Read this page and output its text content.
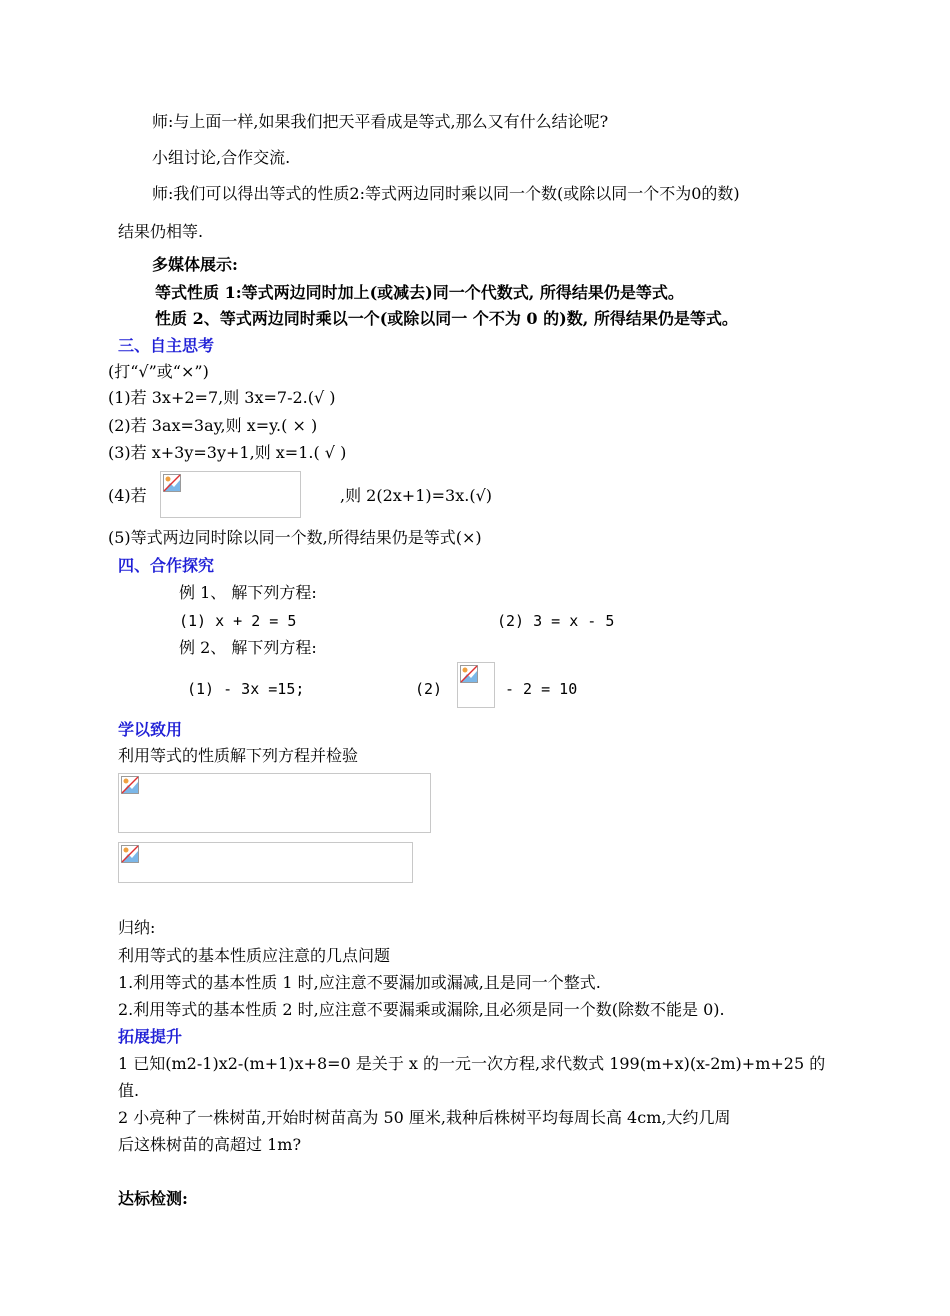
师:与上面一样,如果我们把天平看成是等式,那么又有什么结论呢?
小组讨论,合作交流.
师:我们可以得出等式的性质2:等式两边同时乘以同一个数(或除以同一个不为0的数)
结果仍相等.
多媒体展示:
等式性质 1:等式两边同时加上(或减去)同一个代数式, 所得结果仍是等式。
性质 2、等式两边同时乘以一个(或除以同一 个不为 0 的)数, 所得结果仍是等式。
三、自主思考
(打“√”或“×”)
(1)若 3x+2=7,则 3x=7-2.(√ )
(2)若 3ax=3ay,则 x=y.( × )
(3)若 x+3y=3y+1,则 x=1.( √ )
(4)若	,则 2(2x+1)=3x.(√)
(5)等式两边同时除以同一个数,所得结果仍是等式(×)
四、合作探究
例 1、 解下列方程:
(1) x + 2 = 5	(2) 3 = x - 5
例 2、 解下列方程:
(1) - 3x =15;	(2)	- 2 = 10
学以致用
利用等式的性质解下列方程并检验
归纳:
利用等式的基本性质应注意的几点问题
1.利用等式的基本性质 1 时,应注意不要漏加或漏减,且是同一个整式.
2.利用等式的基本性质 2 时,应注意不要漏乘或漏除,且必须是同一个数(除数不能是 0).
拓展提升
1 已知(m2-1)x2-(m+1)x+8=0 是关于 x 的一元一次方程,求代数式 199(m+x)(x-2m)+m+25 的
值.
2 小亮种了一株树苗,开始时树苗高为 50 厘米,栽种后株树平均每周长高 4cm,大约几周
后这株树苗的高超过 1m?
达标检测:
